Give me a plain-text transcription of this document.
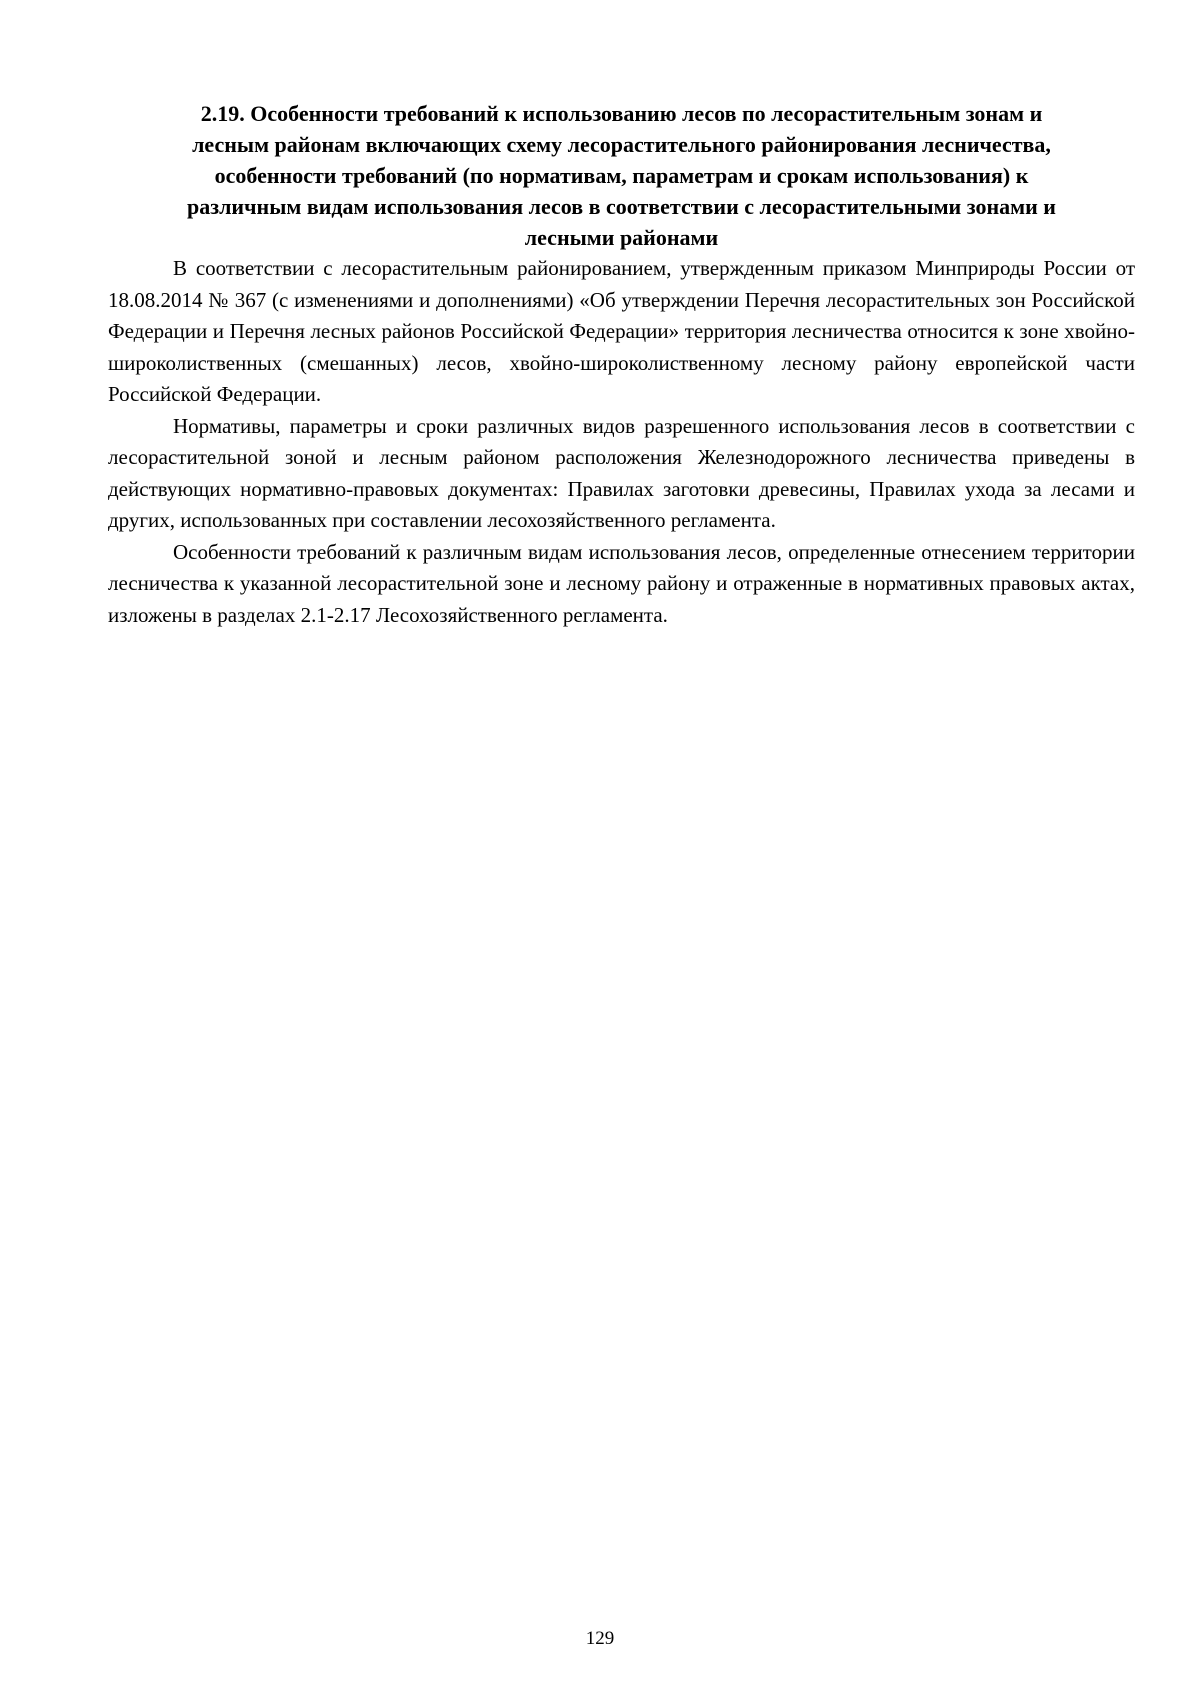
2.19. Особенности требований к использованию лесов по лесорастительным зонам и
лесным районам включающих схему лесорастительного районирования лесничества,
особенности требований (по нормативам, параметрам и срокам использования) к
различным видам использования лесов в соответствии с лесорастительными зонами и
лесными районами

В соответствии с лесорастительным районированием, утвержденным приказом Минприроды России от 18.08.2014 № 367 (с изменениями и дополнениями) «Об утверждении Перечня лесорастительных зон Российской Федерации и Перечня лесных районов Российской Федерации» территория лесничества относится к зоне хвойно-широколиственных (смешанных) лесов, хвойно-широколиственному лесному району европейской части Российской Федерации.

Нормативы, параметры и сроки различных видов разрешенного использования лесов в соответствии с лесорастительной зоной и лесным районом расположения Железнодорожного лесничества приведены в действующих нормативно-правовых документах: Правилах заготовки древесины, Правилах ухода за лесами и других, использованных при составлении лесохозяйственного регламента.

Особенности требований к различным видам использования лесов, определенные отнесением территории лесничества к указанной лесорастительной зоне и лесному району и отраженные в нормативных правовых актах, изложены в разделах 2.1-2.17 Лесохозяйственного регламента.

129
